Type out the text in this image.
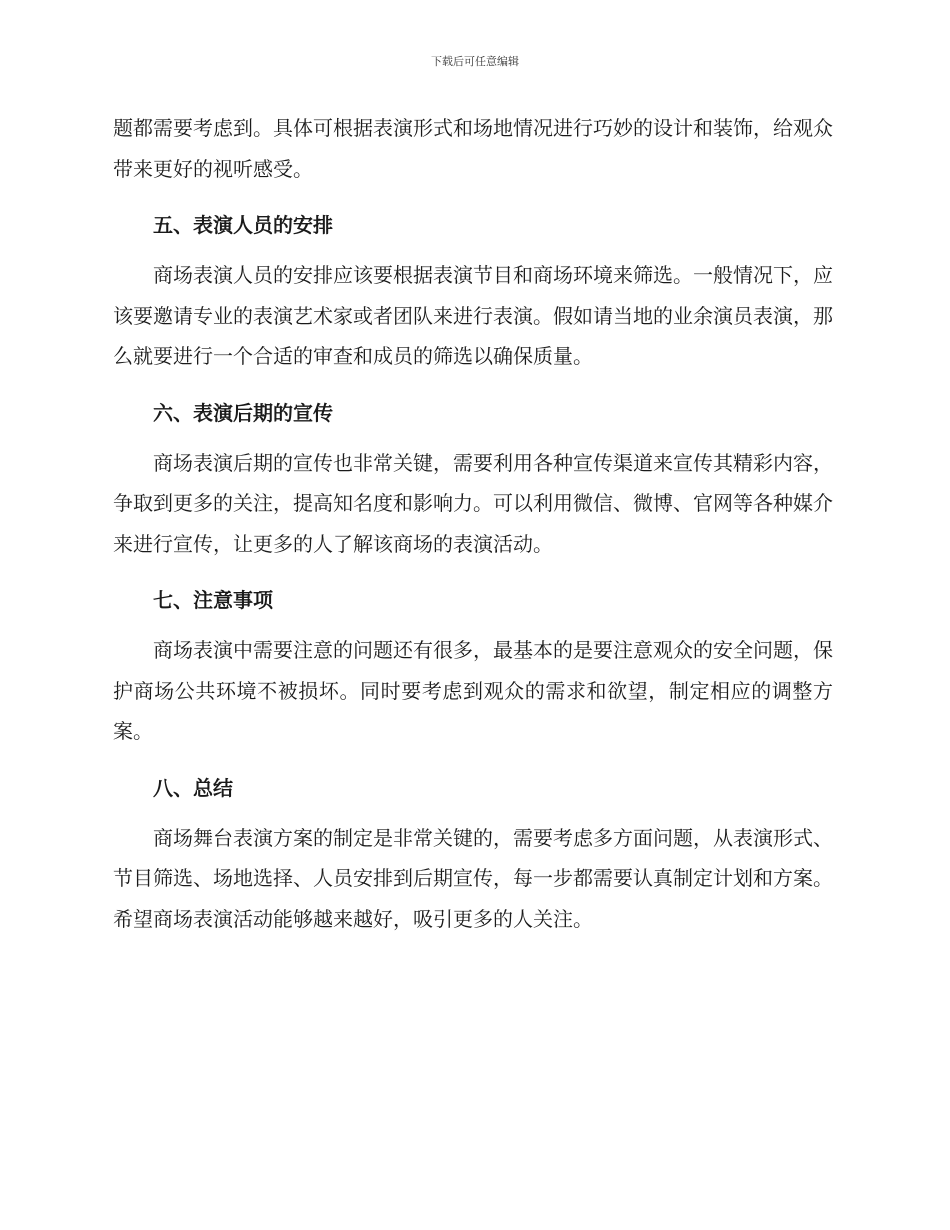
下载后可任意编辑

题都需要考虑到。具体可根据表演形式和场地情况进行巧妙的设计和装饰，给观众带来更好的视听感受。

五、表演人员的安排

商场表演人员的安排应该要根据表演节目和商场环境来筛选。一般情况下，应该要邀请专业的表演艺术家或者团队来进行表演。假如请当地的业余演员表演，那么就要进行一个合适的审查和成员的筛选以确保质量。

六、表演后期的宣传

商场表演后期的宣传也非常关键，需要利用各种宣传渠道来宣传其精彩内容，争取到更多的关注，提高知名度和影响力。可以利用微信、微博、官网等各种媒介来进行宣传，让更多的人了解该商场的表演活动。

七、注意事项

商场表演中需要注意的问题还有很多，最基本的是要注意观众的安全问题，保护商场公共环境不被损坏。同时要考虑到观众的需求和欲望，制定相应的调整方案。

八、总结

商场舞台表演方案的制定是非常关键的，需要考虑多方面问题，从表演形式、节目筛选、场地选择、人员安排到后期宣传，每一步都需要认真制定计划和方案。希望商场表演活动能够越来越好，吸引更多的人关注。
